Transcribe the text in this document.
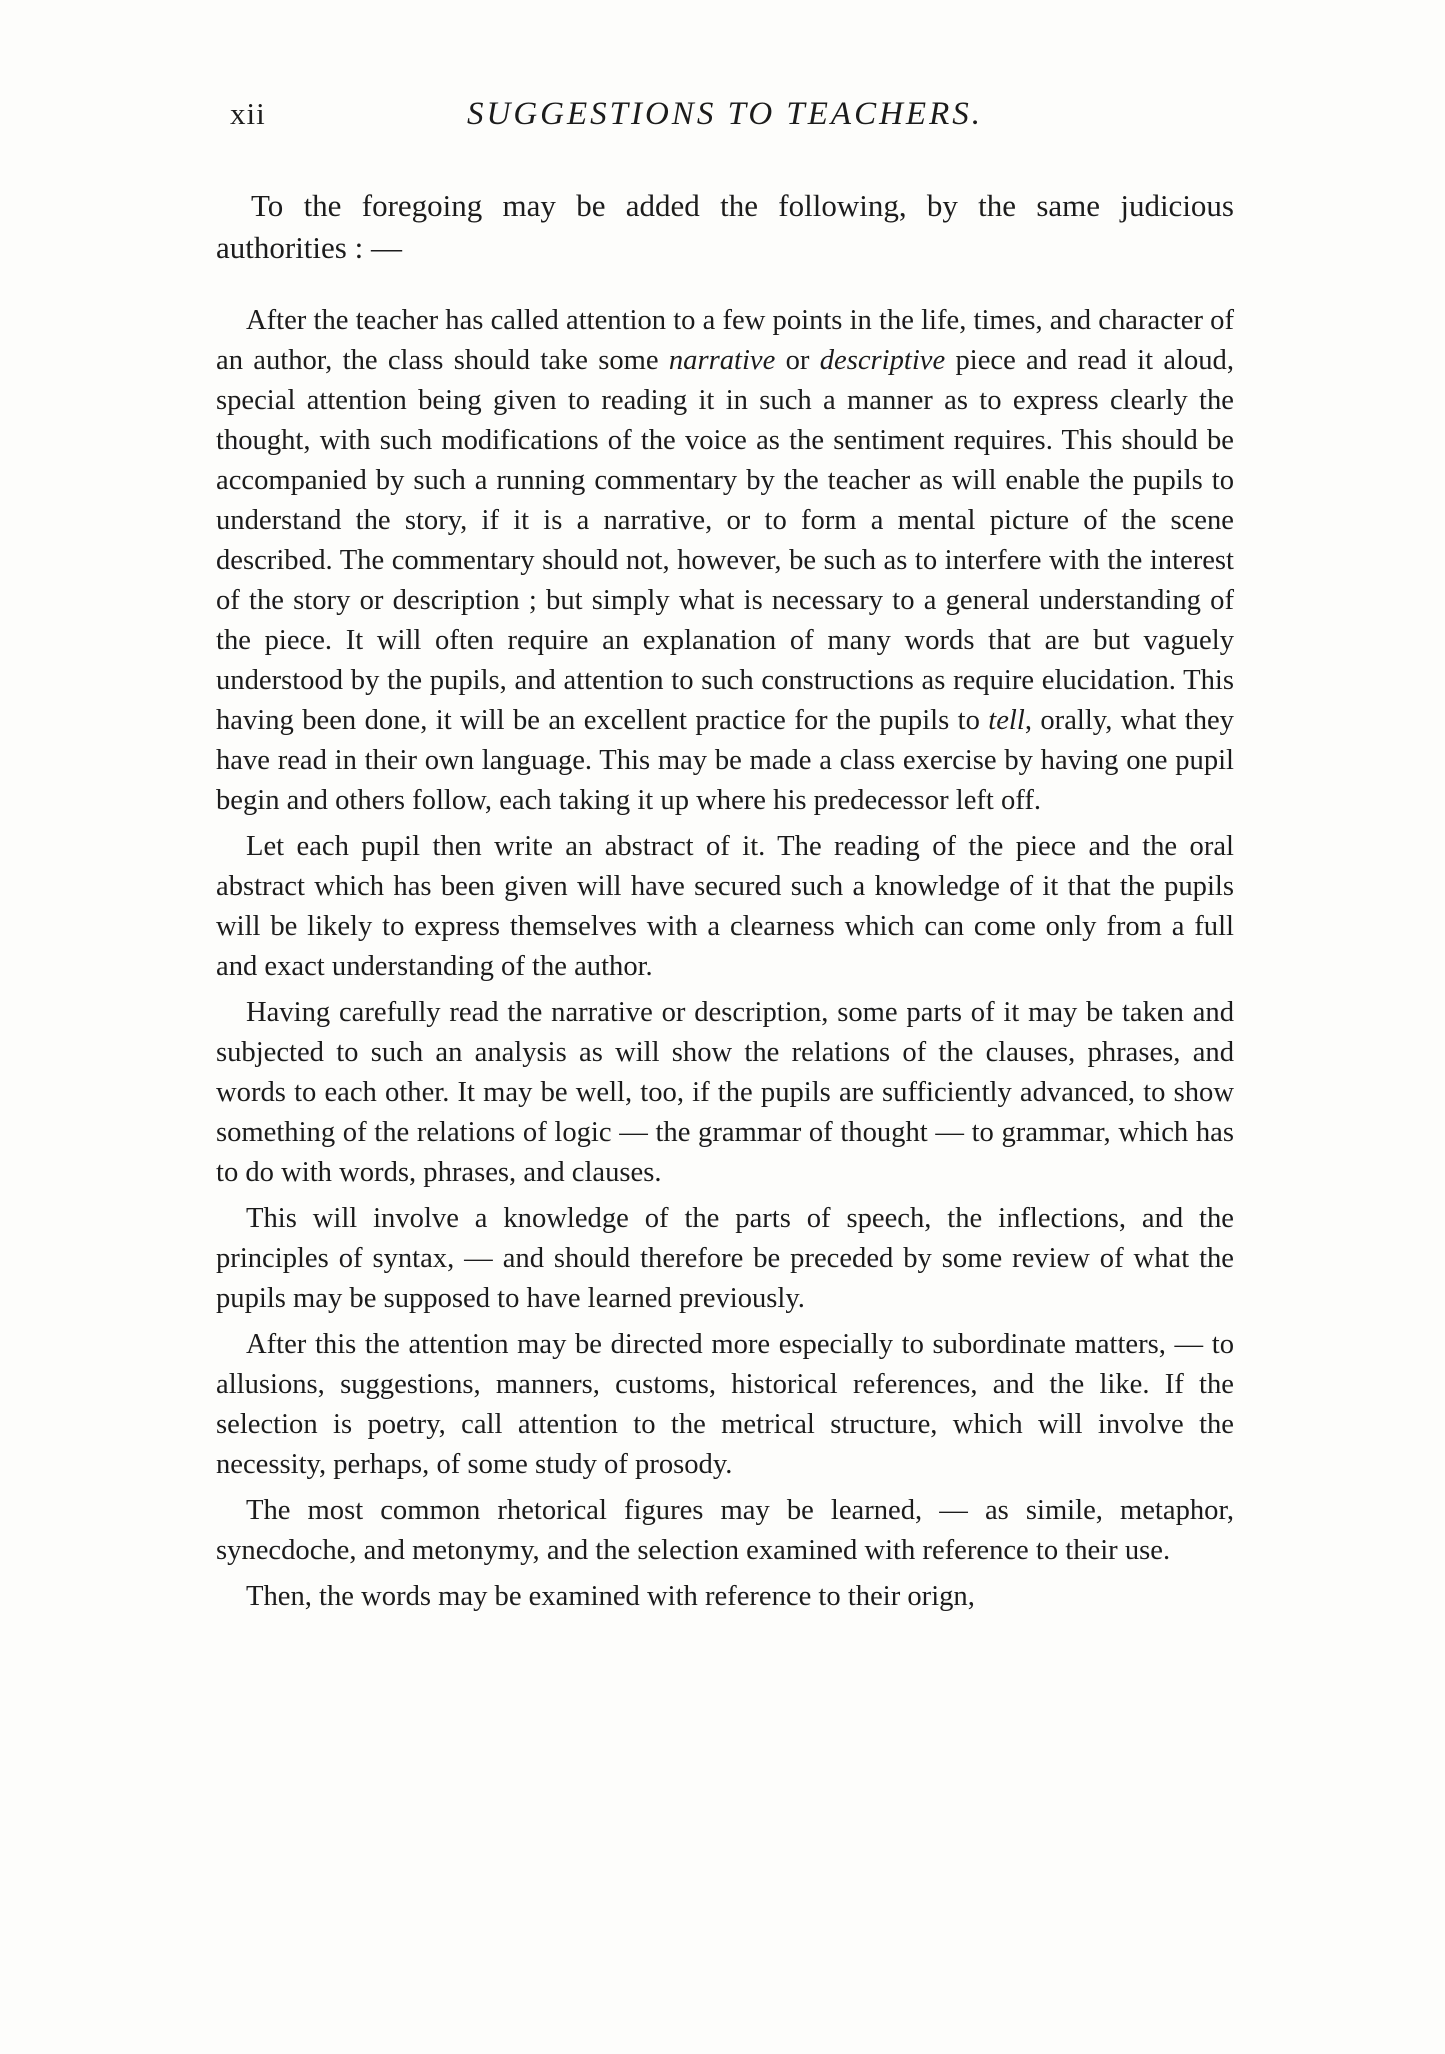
xii	SUGGESTIONS TO TEACHERS.

To the foregoing may be added the following, by the same judicious authorities : —

After the teacher has called attention to a few points in the life, times, and character of an author, the class should take some narrative or descriptive piece and read it aloud, special attention being given to reading it in such a manner as to express clearly the thought, with such modifications of the voice as the sentiment requires. This should be accompanied by such a running commentary by the teacher as will enable the pupils to understand the story, if it is a narrative, or to form a mental picture of the scene described. The commentary should not, however, be such as to interfere with the interest of the story or description ; but simply what is necessary to a general understanding of the piece. It will often require an explanation of many words that are but vaguely understood by the pupils, and attention to such constructions as require elucidation. This having been done, it will be an excellent practice for the pupils to tell, orally, what they have read in their own language. This may be made a class exercise by having one pupil begin and others follow, each taking it up where his predecessor left off.

Let each pupil then write an abstract of it. The reading of the piece and the oral abstract which has been given will have secured such a knowledge of it that the pupils will be likely to express themselves with a clearness which can come only from a full and exact understanding of the author.

Having carefully read the narrative or description, some parts of it may be taken and subjected to such an analysis as will show the relations of the clauses, phrases, and words to each other. It may be well, too, if the pupils are sufficiently advanced, to show something of the relations of logic — the grammar of thought — to grammar, which has to do with words, phrases, and clauses.

This will involve a knowledge of the parts of speech, the inflections, and the principles of syntax, — and should therefore be preceded by some review of what the pupils may be supposed to have learned previously.

After this the attention may be directed more especially to subordinate matters, — to allusions, suggestions, manners, customs, historical references, and the like. If the selection is poetry, call attention to the metrical structure, which will involve the necessity, perhaps, of some study of prosody.

The most common rhetorical figures may be learned, — as simile, metaphor, synecdoche, and metonymy, and the selection examined with reference to their use.

Then, the words may be examined with reference to their orign,
